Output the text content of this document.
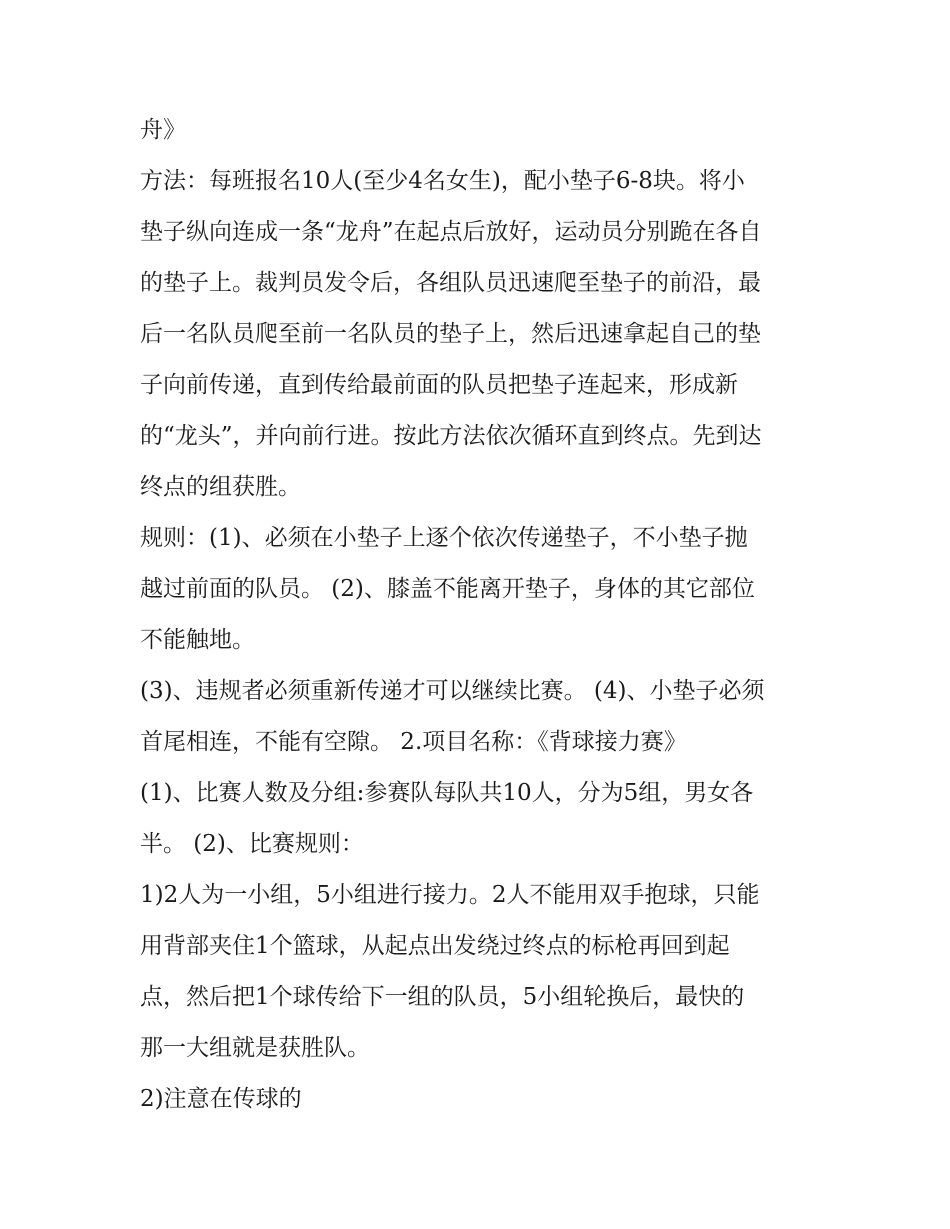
舟》
方法：每班报名10人(至少4名女生)，配小垫子6-8块。将小
垫子纵向连成一条“龙舟”在起点后放好，运动员分别跪在各自
的垫子上。裁判员发令后，各组队员迅速爬至垫子的前沿，最
后一名队员爬至前一名队员的垫子上，然后迅速拿起自己的垫
子向前传递，直到传给最前面的队员把垫子连起来，形成新
的“龙头”，并向前行进。按此方法依次循环直到终点。先到达
终点的组获胜。
规则：(1)、必须在小垫子上逐个依次传递垫子，不小垫子抛
越过前面的队员。 (2)、膝盖不能离开垫子，身体的其它部位
不能触地。
(3)、违规者必须重新传递才可以继续比赛。 (4)、小垫子必须
首尾相连，不能有空隙。 2.项目名称：《背球接力赛》
(1)、比赛人数及分组:参赛队每队共10人，分为5组，男女各
半。 (2)、比赛规则：
1)2人为一小组，5小组进行接力。2人不能用双手抱球，只能
用背部夹住1个篮球，从起点出发绕过终点的标枪再回到起
点，然后把1个球传给下一组的队员，5小组轮换后，最快的
那一大组就是获胜队。
2)注意在传球的
